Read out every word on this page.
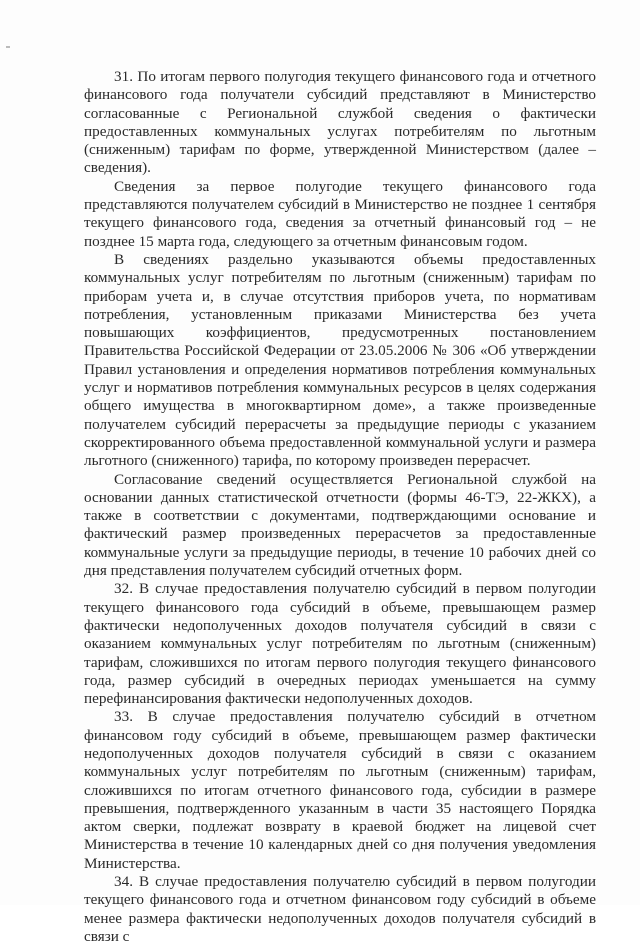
31. По итогам первого полугодия текущего финансового года и отчетного финансового года получатели субсидий представляют в Министерство согласованные с Региональной службой сведения о фактически предоставленных коммунальных услугах потребителям по льготным (сниженным) тарифам по форме, утвержденной Министерством (далее – сведения).

Сведения за первое полугодие текущего финансового года представляются получателем субсидий в Министерство не позднее 1 сентября текущего финансового года, сведения за отчетный финансовый год – не позднее 15 марта года, следующего за отчетным финансовым годом.

В сведениях раздельно указываются объемы предоставленных коммунальных услуг потребителям по льготным (сниженным) тарифам по приборам учета и, в случае отсутствия приборов учета, по нормативам потребления, установленным приказами Министерства без учета повышающих коэффициентов, предусмотренных постановлением Правительства Российской Федерации от 23.05.2006 № 306 «Об утверждении Правил установления и определения нормативов потребления коммунальных услуг и нормативов потребления коммунальных ресурсов в целях содержания общего имущества в многоквартирном доме», а также произведенные получателем субсидий перерасчеты за предыдущие периоды с указанием скорректированного объема предоставленной коммунальной услуги и размера льготного (сниженного) тарифа, по которому произведен перерасчет.

Согласование сведений осуществляется Региональной службой на основании данных статистической отчетности (формы 46-ТЭ, 22-ЖКХ), а также в соответствии с документами, подтверждающими основание и фактический размер произведенных перерасчетов за предоставленные коммунальные услуги за предыдущие периоды, в течение 10 рабочих дней со дня представления получателем субсидий отчетных форм.

32. В случае предоставления получателю субсидий в первом полугодии текущего финансового года субсидий в объеме, превышающем размер фактически недополученных доходов получателя субсидий в связи с оказанием коммунальных услуг потребителям по льготным (сниженным) тарифам, сложившихся по итогам первого полугодия текущего финансового года, размер субсидий в очередных периодах уменьшается на сумму перефинансирования фактически недополученных доходов.

33. В случае предоставления получателю субсидий в отчетном финансовом году субсидий в объеме, превышающем размер фактически недополученных доходов получателя субсидий в связи с оказанием коммунальных услуг потребителям по льготным (сниженным) тарифам, сложившихся по итогам отчетного финансового года, субсидии в размере превышения, подтвержденного указанным в части 35 настоящего Порядка актом сверки, подлежат возврату в краевой бюджет на лицевой счет Министерства в течение 10 календарных дней со дня получения уведомления Министерства.

34. В случае предоставления получателю субсидий в первом полугодии текущего финансового года и отчетном финансовом году субсидий в объеме менее размера фактически недополученных доходов получателя субсидий в связи с
